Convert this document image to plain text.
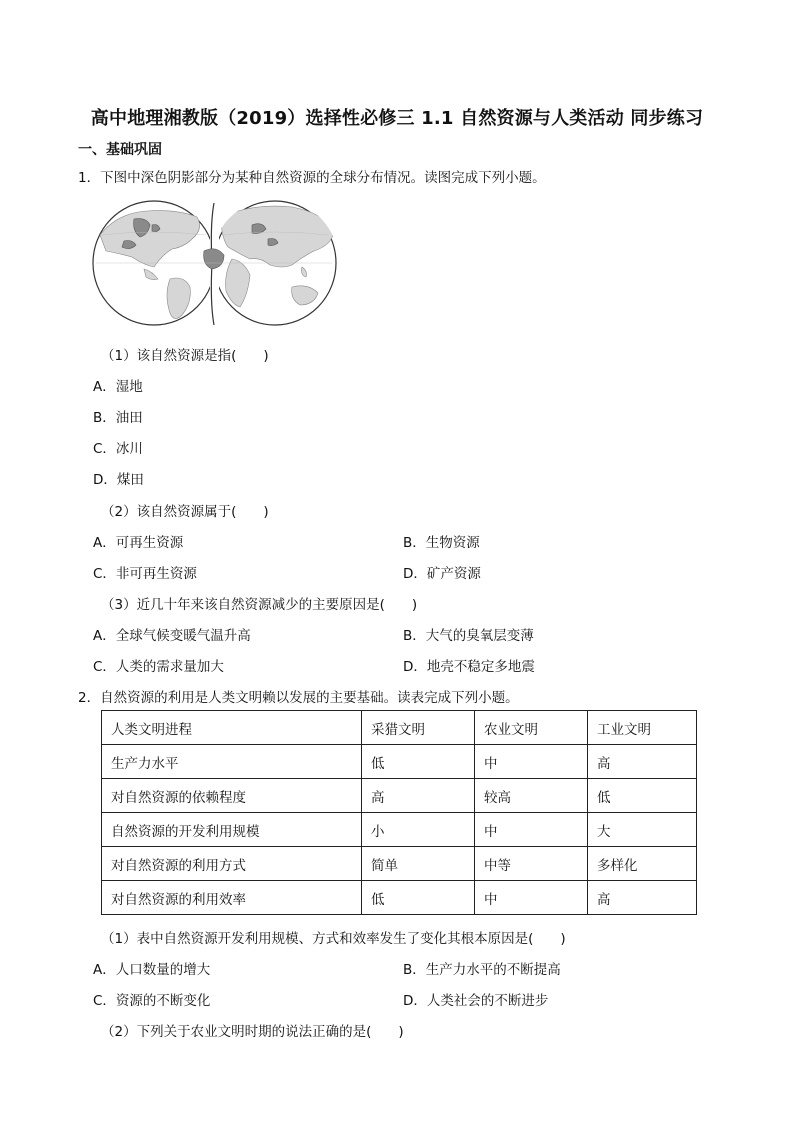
高中地理湘教版（2019）选择性必修三 1.1 自然资源与人类活动 同步练习
一、基础巩固
1．下图中深色阴影部分为某种自然资源的全球分布情况。读图完成下列小题。
（1）该自然资源是指(　　)
A．湿地
B．油田
C．冰川
D．煤田
（2）该自然资源属于(　　)
A．可再生资源	B．生物资源
C．非可再生资源	D．矿产资源
（3）近几十年来该自然资源减少的主要原因是(　　)
A．全球气候变暖气温升高	B．大气的臭氧层变薄
C．人类的需求量加大	D．地壳不稳定多地震
2．自然资源的利用是人类文明赖以发展的主要基础。读表完成下列小题。
人类文明进程	采猎文明	农业文明	工业文明
生产力水平	低	中	高
对自然资源的依赖程度	高	较高	低
自然资源的开发利用规模	小	中	大
对自然资源的利用方式	简单	中等	多样化
对自然资源的利用效率	低	中	高
（1）表中自然资源开发利用规模、方式和效率发生了变化其根本原因是(　　)
A．人口数量的增大	B．生产力水平的不断提高
C．资源的不断变化	D．人类社会的不断进步
（2）下列关于农业文明时期的说法正确的是(　　)
